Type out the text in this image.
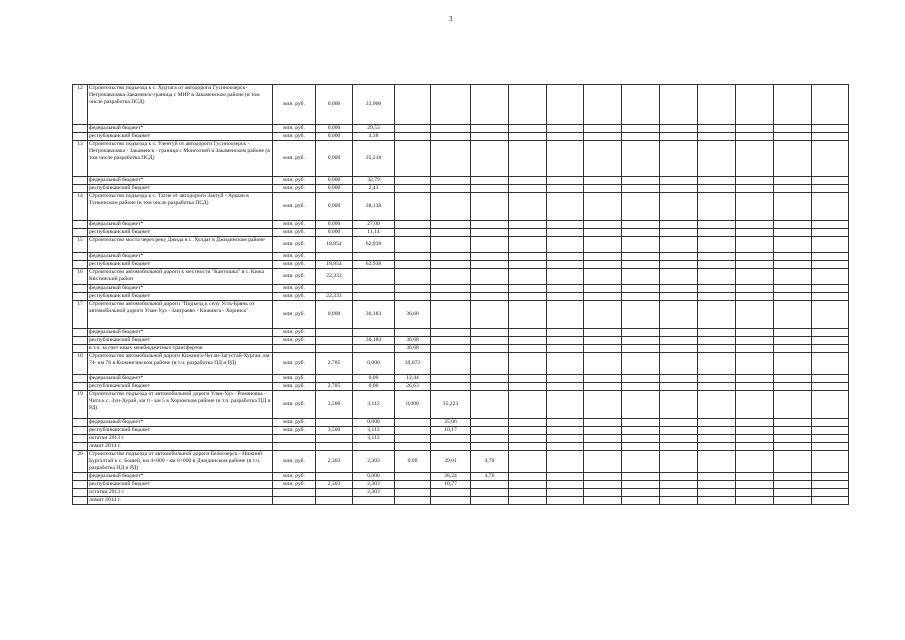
3
12	Строительство подъезда к с. Хуртага от автодороги Гусиноозерск-Петропавловка-Закаменск-граница с МНР в Закаменском районе (в том числе разработка ПСД)	млн. руб.	0,000	33,906												
	федеральный бюджет*	млн. руб.	0,000	29,53												
	республиканский бюджет	млн. руб.	0,000	4,38												
13	Строительство подъезда к с. Улентуй от автодороги Гусиноозерск - Петропавловка - Закаменск - граница с Монголией в Закаменском районе (в том числе разработка ПСД)	млн. руб.	0,000	35,218												
	федеральный бюджет*	млн. руб.	0,000	32,79												
	республиканский бюджет	млн. руб.	0,000	2,43												
14	Строительство подъезда к с. Тагне от автодороги Зактуй - Аршан в Тункинском районе (в том числе разработка ПСД)	млн. руб.	0,000	38,138												
	федеральный бюджет*	млн. руб.	0,000	27,00												
	республиканский бюджет	млн. руб.	0,000	11,14												
15	Строительство моста через реку Джида в с. Хулдат в Джидинском районе	млн. руб.	18,854	62,938												
	федеральный бюджет*	млн. руб.														
	республиканский бюджет	млн. руб.	18,854	62,938												
16	Строительство автомобильной дороги к местности "Кантошка" в с. Кижа Кяхтинский район	млн. руб.	22,333													
	федеральный бюджет*	млн. руб.														
	республиканский бюджет	млн. руб.	22,333													
17	Строительство автомобильной дороги "Подъезд к селу Усть-Брянь от автомобильной дороги Улан-Удэ - Заиграево - Кижинга - Хоринск"	млн. руб.	0,000	30,183	36,68											
	федеральный бюджет*	млн. руб.														
	республиканский бюджет	млн. руб.		30,183	36,68											
	в т.ч. за счет иных межбюджетных трансфертов				36,68											
18	Строительство автомобильной дороги Кижинга-Чесан-Загустай-Хурган, км 74- км 78 в Кижингинском районе (в т.ч. разработка ПД и РД)	млн. руб.	2,785	0,000	39,072											
	федеральный бюджет*	млн. руб.		0,00	12,44											
	республиканский бюджет	млн. руб.	2,785	0,00	26,63											
19	Строительство подъезда от автомобильной дороги Улан-Удэ - Романовка - Чита к с. Зун-Хурай, км 0 - км 5 в Хоринском районе (в т.ч. разработка ПД и РД)	млн. руб.	3,500	3,112	0,000	35,223										
	федеральный бюджет*	млн. руб.		0,000		25,06										
	республиканский бюджет	млн. руб.	3,500	3,112		10,17										
	остатки 2013 г.			3,112												
	лимит 2014 г.															
20	Строительство подъезда от автомобильной дороги Белоозерск - Нижний Бургалтай к с. Бошей, км 4+000 - км 8+000 в Джидинском районе (в т.ч. разработка ПД и РД)	млн. руб.	2,303	2,303	0,00	39,01	4,70									
	федеральный бюджет*	млн. руб.		0,000		28,24	4,70									
	республиканский бюджет	млн. руб.	2,303	2,303		10,77										
	остатки 2013 г.			2,303												
	лимит 2014 г.															
